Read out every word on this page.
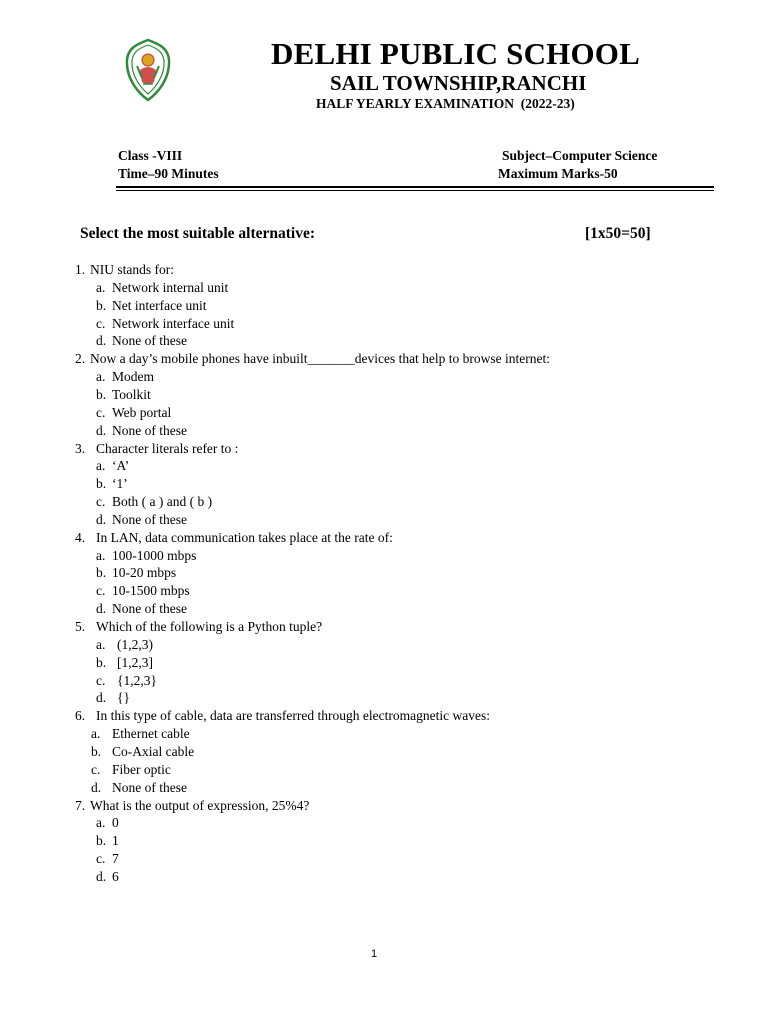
DELHI PUBLIC SCHOOL
SAIL TOWNSHIP,RANCHI
HALF YEARLY EXAMINATION  (2022-23)
Class -VIII
Time–90 Minutes
Subject–Computer Science
Maximum Marks-50
Select the most suitable alternative:	[1x50=50]
1. NIU stands for:
a. Network internal unit
b. Net interface unit
c. Network interface unit
d. None of these
2. Now a day’s mobile phones have inbuilt_______devices that help to browse internet:
a. Modem
b. Toolkit
c. Web portal
d. None of these
3. Character literals refer to :
a. ‘A’
b. ‘1’
c. Both ( a ) and ( b )
d. None of these
4. In LAN, data communication takes place at the rate of:
a. 100-1000 mbps
b. 10-20 mbps
c. 10-1500 mbps
d. None of these
5. Which of the following is a Python tuple?
a. (1,2,3)
b. [1,2,3]
c. {1,2,3}
d. {}
6. In this type of cable, data are transferred through electromagnetic waves:
a. Ethernet cable
b. Co-Axial cable
c. Fiber optic
d. None of these
7. What is the output of expression, 25%4?
a. 0
b. 1
c. 7
d. 6
1
